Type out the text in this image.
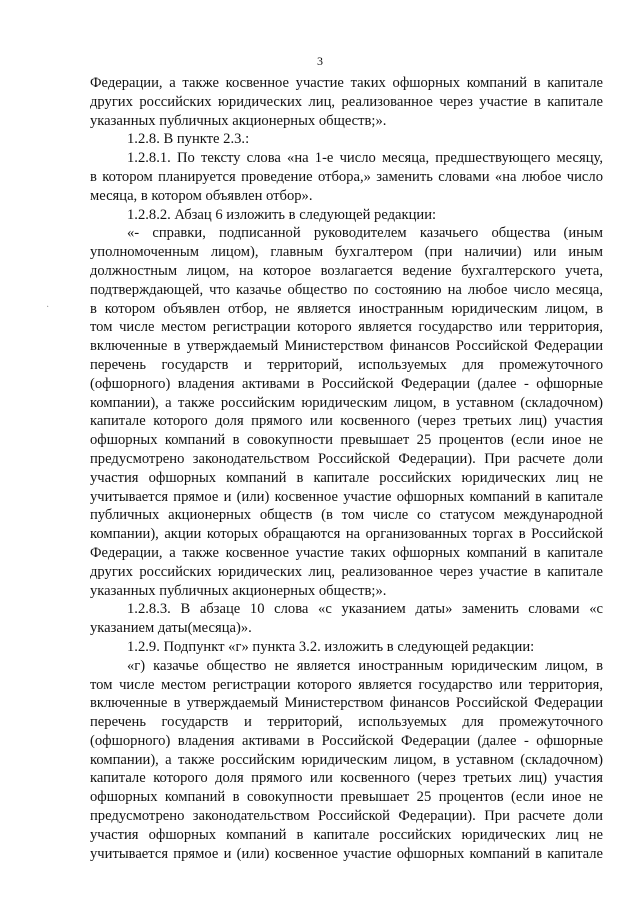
3
Федерации, а также косвенное участие таких офшорных компаний в капитале
других российских юридических лиц, реализованное через участие в капитале
указанных публичных акционерных обществ;».
1.2.8. В пункте 2.3.:
1.2.8.1. По тексту слова «на 1-е число месяца, предшествующего месяцу,
в котором планируется проведение отбора,» заменить словами «на любое число
месяца, в котором объявлен отбор».
1.2.8.2. Абзац 6 изложить в следующей редакции:
«- справки, подписанной руководителем казачьего общества (иным
уполномоченным лицом), главным бухгалтером (при наличии) или иным
должностным лицом, на которое возлагается ведение бухгалтерского учета,
подтверждающей, что казачье общество по состоянию на любое число месяца,
в котором объявлен отбор, не является иностранным юридическим лицом, в
том числе местом регистрации которого является государство или территория,
включенные в утверждаемый Министерством финансов Российской Федерации
перечень государств и территорий, используемых для промежуточного
(офшорного) владения активами в Российской Федерации (далее - офшорные
компании), а также российским юридическим лицом, в уставном (складочном)
капитале которого доля прямого или косвенного (через третьих лиц) участия
офшорных компаний в совокупности превышает 25 процентов (если иное не
предусмотрено законодательством Российской Федерации). При расчете доли
участия офшорных компаний в капитале российских юридических лиц не
учитывается прямое и (или) косвенное участие офшорных компаний в капитале
публичных акционерных обществ (в том числе со статусом международной
компании), акции которых обращаются на организованных торгах в Российской
Федерации, а также косвенное участие таких офшорных компаний в капитале
других российских юридических лиц, реализованное через участие в капитале
указанных публичных акционерных обществ;».
1.2.8.3. В абзаце 10 слова «с указанием даты» заменить словами «с
указанием даты(месяца)».
1.2.9. Подпункт «г» пункта 3.2. изложить в следующей редакции:
«г) казачье общество не является иностранным юридическим лицом, в
том числе местом регистрации которого является государство или территория,
включенные в утверждаемый Министерством финансов Российской Федерации
перечень государств и территорий, используемых для промежуточного
(офшорного) владения активами в Российской Федерации (далее - офшорные
компании), а также российским юридическим лицом, в уставном (складочном)
капитале которого доля прямого или косвенного (через третьих лиц) участия
офшорных компаний в совокупности превышает 25 процентов (если иное не
предусмотрено законодательством Российской Федерации). При расчете доли
участия офшорных компаний в капитале российских юридических лиц не
учитывается прямое и (или) косвенное участие офшорных компаний в капитале
·
